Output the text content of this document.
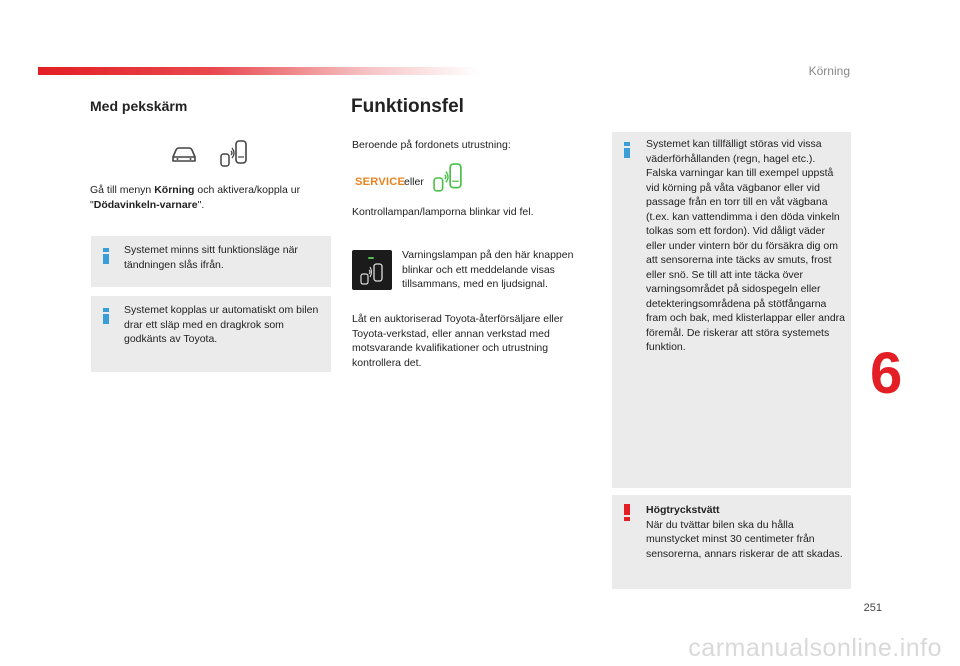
Körning
6
Med pekskärm
Gå till menyn Körning och aktivera/koppla ur "Dödavinkeln-varnare".
Systemet minns sitt funktionsläge när tändningen slås ifrån.
Systemet kopplas ur automatiskt om bilen drar ett släp med en dragkrok som godkänts av Toyota.
Funktionsfel
Beroende på fordonets utrustning:
SERVICE
eller
Kontrollampan/lamporna blinkar vid fel.
Varningslampan på den här knappen blinkar och ett meddelande visas tillsammans, med en ljudsignal.
Låt en auktoriserad Toyota-återförsäljare eller Toyota-verkstad, eller annan verkstad med motsvarande kvalifikationer och utrustning kontrollera det.
Systemet kan tillfälligt störas vid vissa väderförhållanden (regn, hagel etc.). Falska varningar kan till exempel uppstå vid körning på våta vägbanor eller vid passage från en torr till en våt vägbana (t.ex. kan vattendimma i den döda vinkeln tolkas som ett fordon). Vid dåligt väder eller under vintern bör du försäkra dig om att sensorerna inte täcks av smuts, frost eller snö. Se till att inte täcka över varningsområdet på sidospegeln eller detekteringsområdena på stötfångarna fram och bak, med klisterlappar eller andra föremål. De riskerar att störa systemets funktion.
Högtryckstvätt
När du tvättar bilen ska du hålla munstycket minst 30 centimeter från sensorerna, annars riskerar de att skadas.
251
carmanualsonline.info
